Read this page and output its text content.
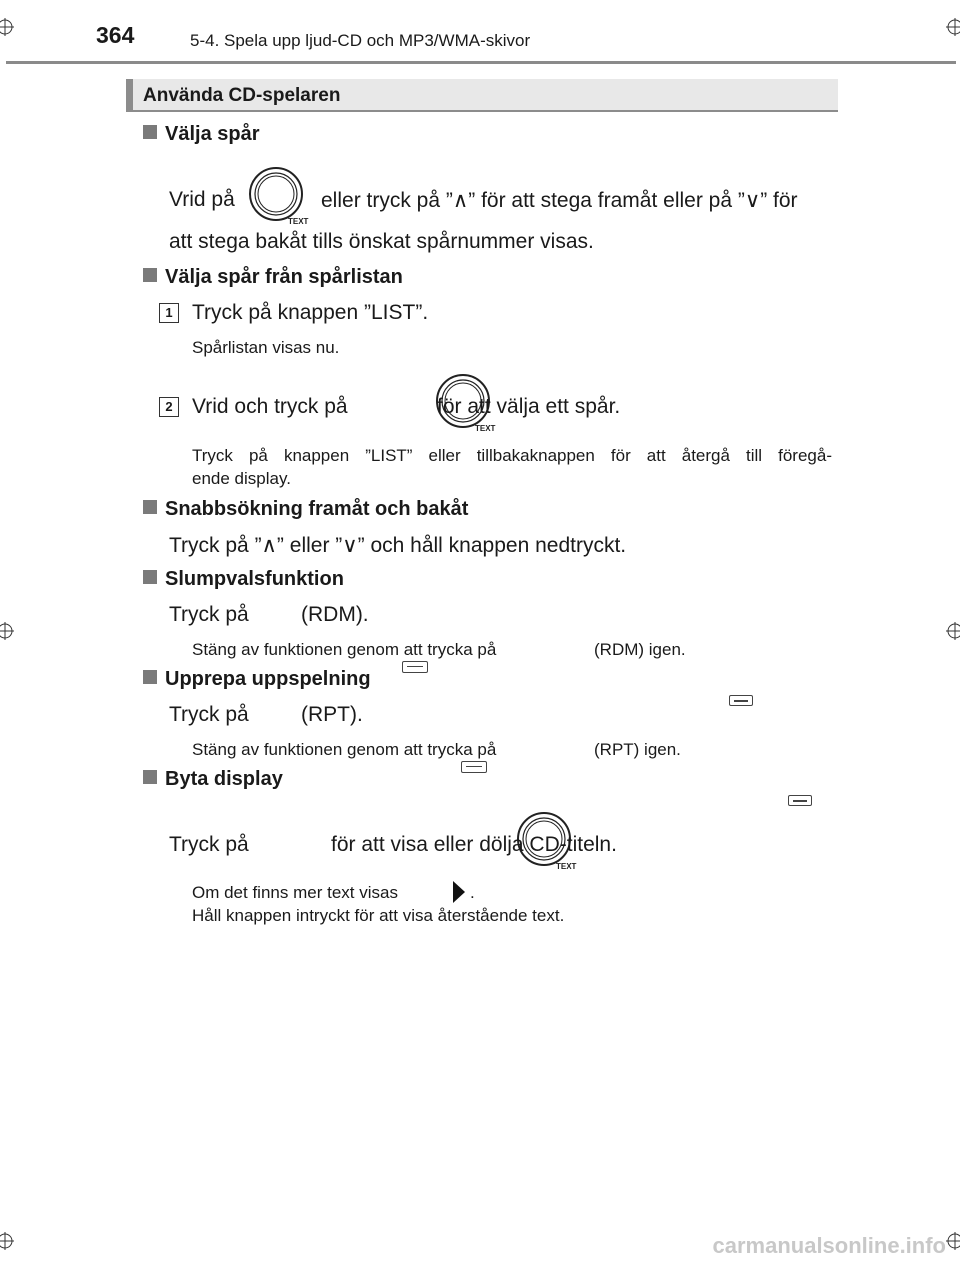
364	5-4. Spela upp ljud-CD och MP3/WMA-skivor
Använda CD-spelaren
Välja spår
Vrid på
TEXT

eller tryck på ”∧” för att stega framåt eller på ”∨” för
att stega bakåt tills önskat spårnummer visas.
Välja spår från spårlistan
1 Tryck på knappen ”LIST”.
Spårlistan visas nu.
2 Vrid och tryck på
TEXT

för att välja ett spår.
Tryck på knappen ”LIST” eller tillbakaknappen för att återgå till föregå-
ende display.
Snabbsökning framåt och bakåt
Tryck på ”∧” eller ”∨” och håll knappen nedtryckt.
Slumpvalsfunktion
Tryck på
(RDM).
Stäng av funktionen genom att trycka på
	(RDM) igen.
Upprepa uppspelning
Tryck på
(RPT).
Stäng av funktionen genom att trycka på
	(RPT) igen.
Byta display
Tryck på
TEXT
för att visa eller dölja CD-titeln.
Om det finns mer text visas	.
Håll knappen intryckt för att visa återstående text.
carmanualsonline.info
